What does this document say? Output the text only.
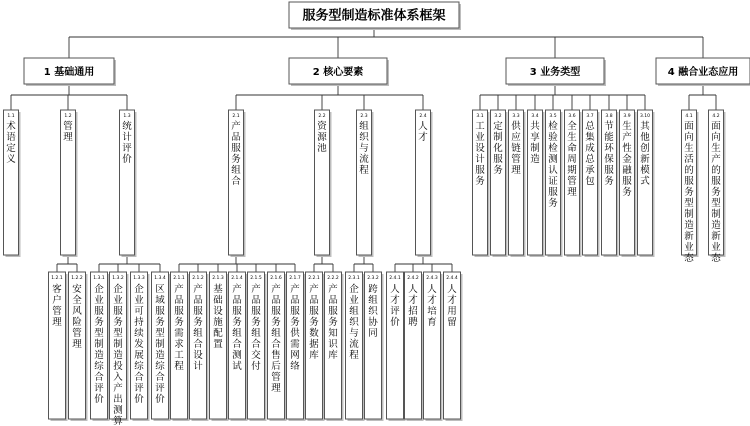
服务型制造标准体系框架
1 基础通用
1.1
术语定义
1.2
管理
1.2.1
客户管理
1.2.2
安全风险管理
1.3
统计评价
1.3.1
企业服务型制造综合评价
1.3.2
企业服务型制造投入产出测算
1.3.3
企业可持续发展综合评价
1.3.4
区域服务型制造综合评价
2 核心要素
2.1
产品服务组合
2.1.1
产品服务需求工程
2.1.2
产品服务组合设计
2.1.3
基础设施配置
2.1.4
产品服务组合测试
2.1.5
产品服务组合交付
2.1.6
产品服务组合售后管理
2.1.7
产品服务供需网络
2.2
资源池
2.2.1
产品服务数据库
2.2.2
产品服务知识库
2.3
组织与流程
2.3.1
企业组织与流程
2.3.2
跨组织协同
2.4
人才
2.4.1
人才评价
2.4.2
人才招聘
2.4.3
人才培育
2.4.4
人才用留
3 业务类型
3.1
工业设计服务
3.2
定制化服务
3.3
供应链管理
3.4
共享制造
3.5
检验检测认证服务
3.6
全生命周期管理
3.7
总集成总承包
3.8
节能环保服务
3.9
生产性金融服务
3.10
其他创新模式
4 融合业态应用
4.1
面向生活的服务型制造新业态
4.2
面向生产的服务型制造新业态
